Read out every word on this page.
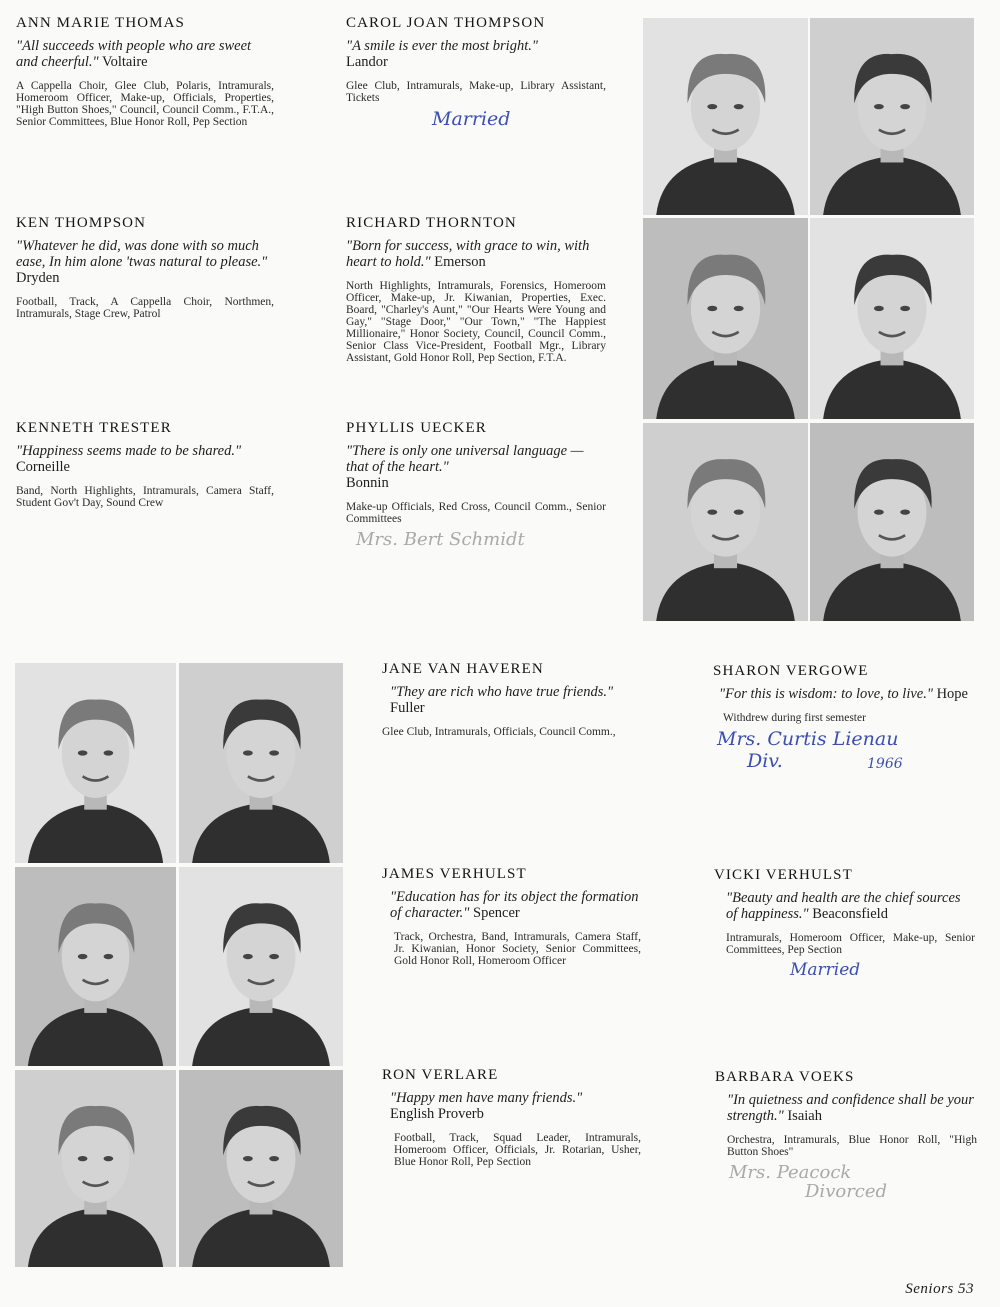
ANN MARIE THOMAS
"All succeeds with people who are sweet and cheerful." Voltaire
A Cappella Choir, Glee Club, Polaris, Intramurals, Homeroom Officer, Make-up, Officials, Properties, "High Button Shoes," Council, Council Comm., F.T.A., Senior Committees, Blue Honor Roll, Pep Section
CAROL JOAN THOMPSON
"A smile is ever the most bright."
Landor
Glee Club, Intramurals, Make-up, Library Assistant, Tickets
Married
KEN THOMPSON
"Whatever he did, was done with so much ease, In him alone 'twas natural to please." Dryden
Football, Track, A Cappella Choir, Northmen, Intramurals, Stage Crew, Patrol
RICHARD THORNTON
"Born for success, with grace to win, with heart to hold." Emerson
North Highlights, Intramurals, Forensics, Homeroom Officer, Make-up, Jr. Kiwanian, Properties, Exec. Board, "Charley's Aunt," "Our Hearts Were Young and Gay," "Stage Door," "Our Town," "The Happiest Millionaire," Honor Society, Council, Council Comm., Senior Class Vice-President, Football Mgr., Library Assistant, Gold Honor Roll, Pep Section, F.T.A.
KENNETH TRESTER
"Happiness seems made to be shared." Corneille
Band, North Highlights, Intramurals, Camera Staff, Student Gov't Day, Sound Crew
PHYLLIS UECKER
"There is only one universal language — that of the heart."
Bonnin
Make-up Officials, Red Cross, Council Comm., Senior Committees
Mrs. Bert Schmidt
JANE VAN HAVEREN
"They are rich who have true friends." Fuller
Glee Club, Intramurals, Officials, Council Comm.,
SHARON VERGOWE
"For this is wisdom: to love, to live." Hope
Withdrew during first semester
Mrs. Curtis Lienau
Div.	1966
JAMES VERHULST
"Education has for its object the formation of character." Spencer
Track, Orchestra, Band, Intramurals, Camera Staff, Jr. Kiwanian, Honor Society, Senior Committees, Gold Honor Roll, Homeroom Officer
VICKI VERHULST
"Beauty and health are the chief sources of happiness." Beaconsfield
Intramurals, Homeroom Officer, Make-up, Senior Committees, Pep Section
Married
RON VERLARE
"Happy men have many friends."
English Proverb
Football, Track, Squad Leader, Intramurals, Homeroom Officer, Officials, Jr. Rotarian, Usher, Blue Honor Roll, Pep Section
BARBARA VOEKS
"In quietness and confidence shall be your strength." Isaiah
Orchestra, Intramurals, Blue Honor Roll, "High Button Shoes"
Mrs. Peacock
Divorced
Seniors 53
